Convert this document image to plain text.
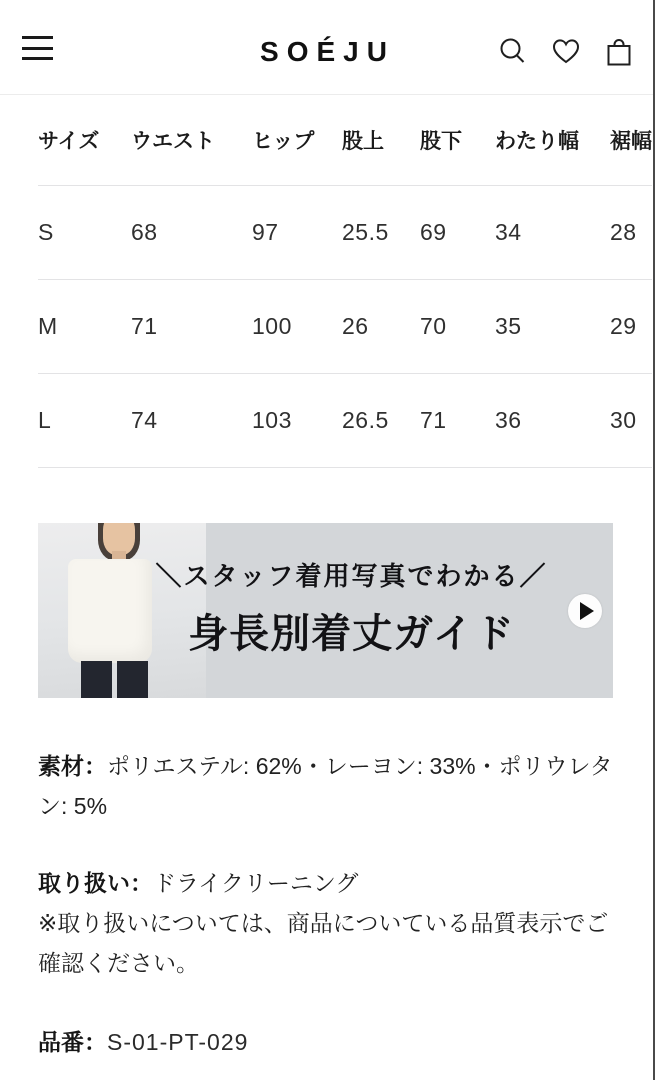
SOÉJU
サイズ	ウエスト	ヒップ	股上	股下	わたり幅	裾幅
S	68	97	25.5	69	34	28
M	71	100	26	70	35	29
L	74	103	26.5	71	36	30
＼スタッフ着用写真でわかる／
身長別着丈ガイド

素材：ポリエステル: 62%・レーヨン: 33%・ポリウレタン: 5%

取り扱い：ドライクリーニング
※取り扱いについては、商品についている品質表示でご確認ください。

品番：S-01-PT-029
